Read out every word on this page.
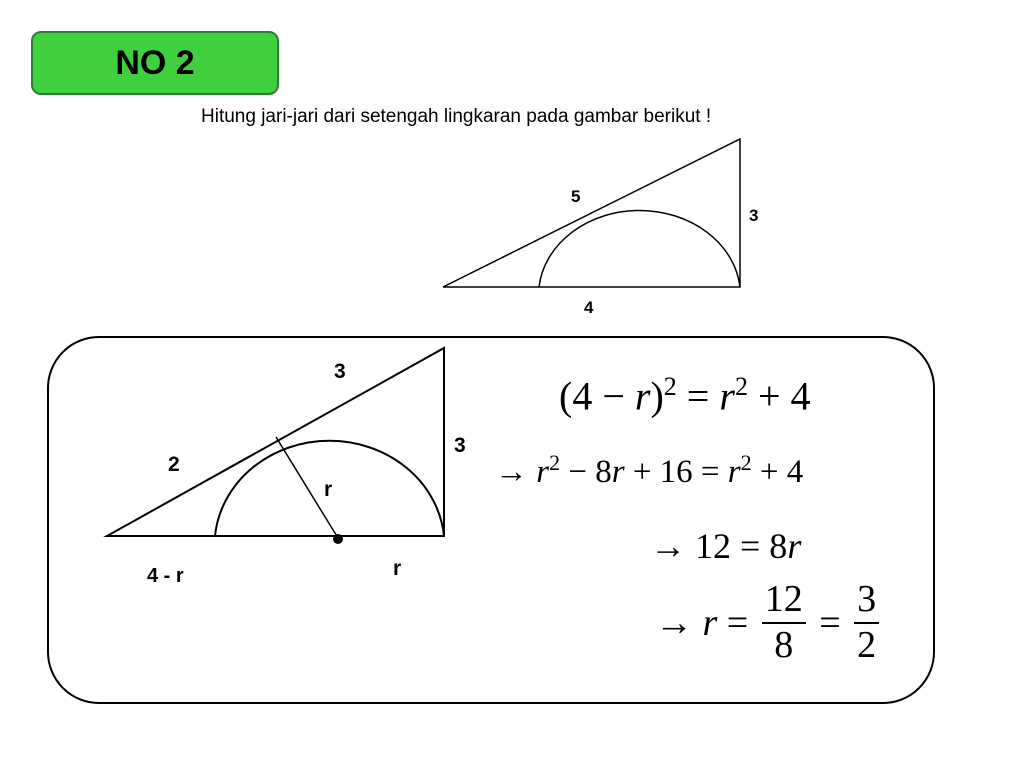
NO 2
Hitung jari-jari dari setengah lingkaran pada gambar berikut !
5
3
4
3
2
3
r
4 - r	r
$(4 - r)^2 = r^2 + 4$
→ $r^2 - 8r + 16 = r^2 + 4$
→ 12 = 8r
→ $r = \frac{12}{8} = \frac{3}{2}$
